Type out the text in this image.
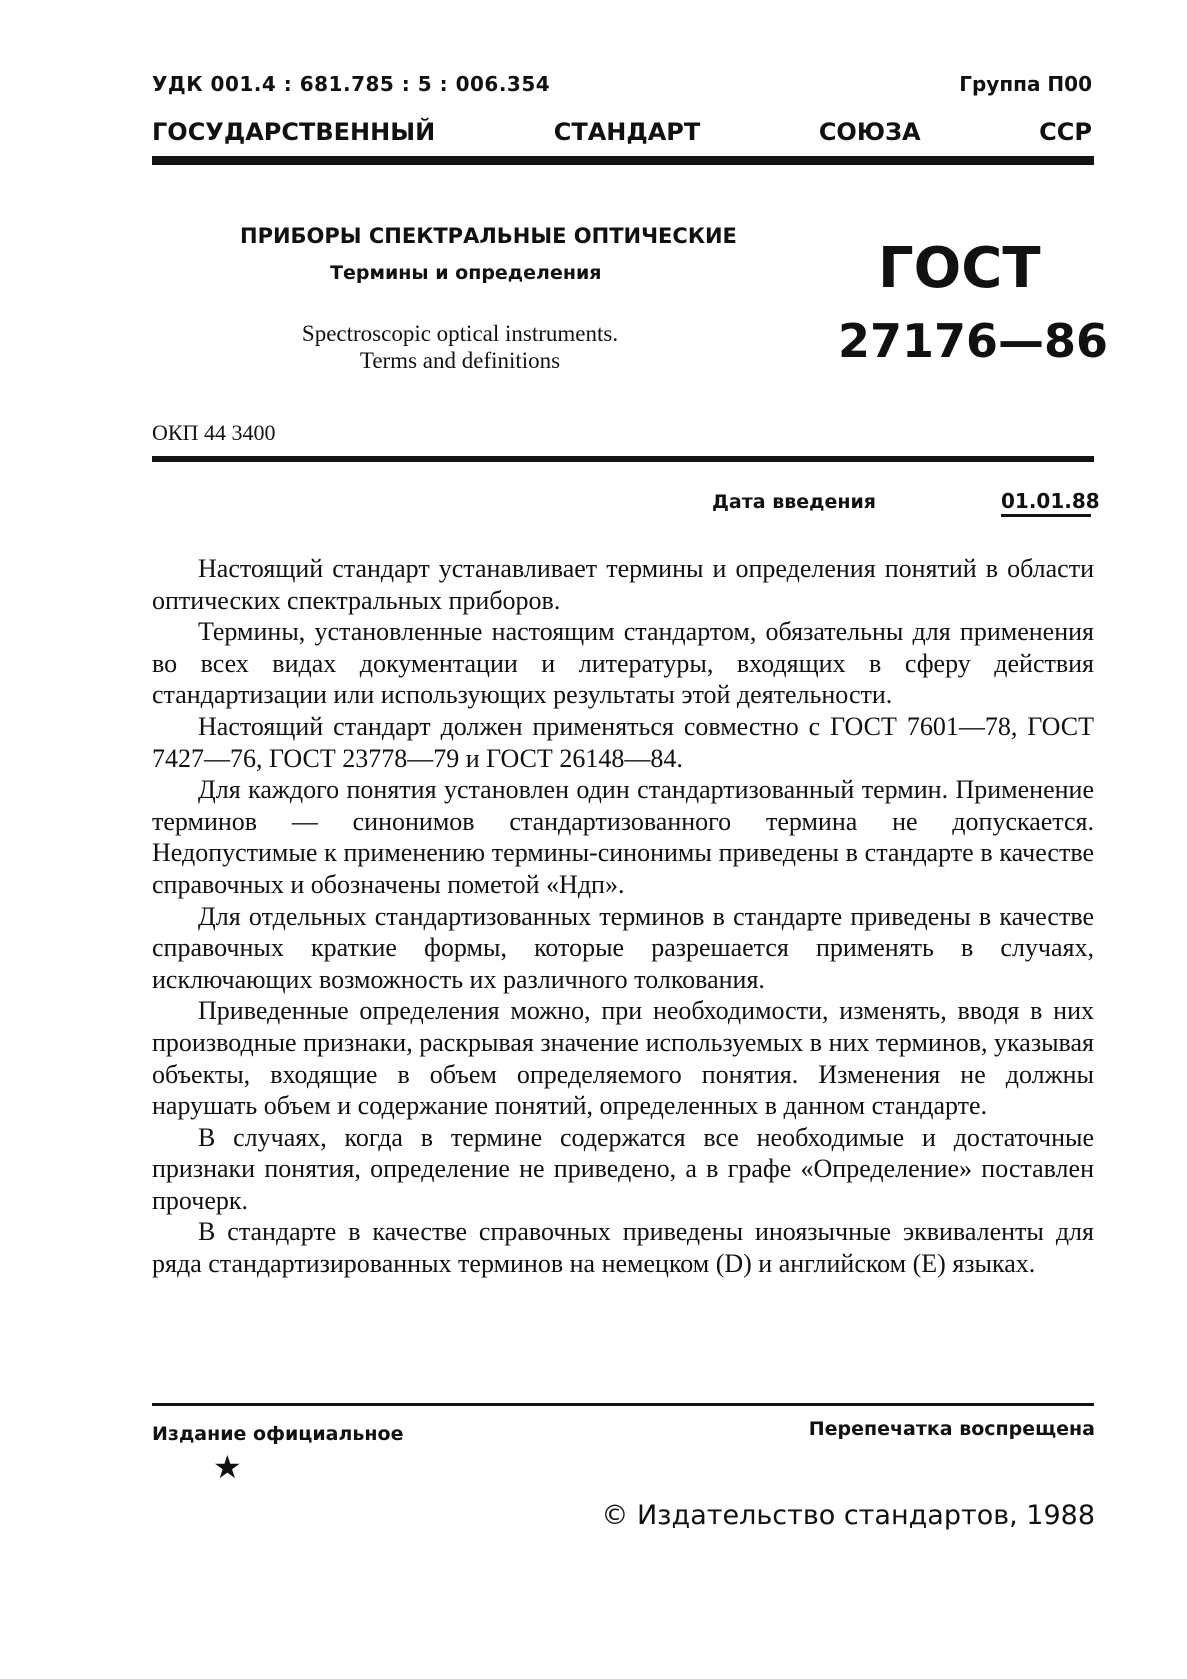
УДК 001.4 : 681.785 : 5 : 006.354	Группа П00
ГОСУДАРСТВЕННЫЙ	СТАНДАРТ	СОЮЗА	ССР
ПРИБОРЫ СПЕКТРАЛЬНЫЕ ОПТИЧЕСКИЕ
Термины и определения
Spectroscopic optical instruments.
Terms and definitions
ГОСТ
27176—86
ОКП 44 3400
Дата введения	01.01.88

Настоящий стандарт устанавливает термины и определения понятий в области оптических спектральных приборов.

Термины, установленные настоящим стандартом, обязательны для применения во всех видах документации и литературы, входящих в сферу действия стандартизации или использующих результаты этой деятельности.

Настоящий стандарт должен применяться совместно с ГОСТ 7601—78, ГОСТ 7427—76, ГОСТ 23778—79 и ГОСТ 26148—84.

Для каждого понятия установлен один стандартизованный термин. Применение терминов — синонимов стандартизованного термина не допускается. Недопустимые к применению термины-синонимы приведены в стандарте в качестве справочных и обозначены пометой «Ндп».

Для отдельных стандартизованных терминов в стандарте приведены в качестве справочных краткие формы, которые разрешается применять в случаях, исключающих возможность их различного толкования.

Приведенные определения можно, при необходимости, изменять, вводя в них производные признаки, раскрывая значение используемых в них терминов, указывая объекты, входящие в объем определяемого понятия. Изменения не должны нарушать объем и содержание понятий, определенных в данном стандарте.

В случаях, когда в термине содержатся все необходимые и достаточные признаки понятия, определение не приведено, а в графе «Определение» поставлен прочерк.

В стандарте в качестве справочных приведены иноязычные эквиваленты для ряда стандартизированных терминов на немецком (D) и английском (E) языках.

Издание официальное	Перепечатка воспрещена
★
© Издательство стандартов, 1988
